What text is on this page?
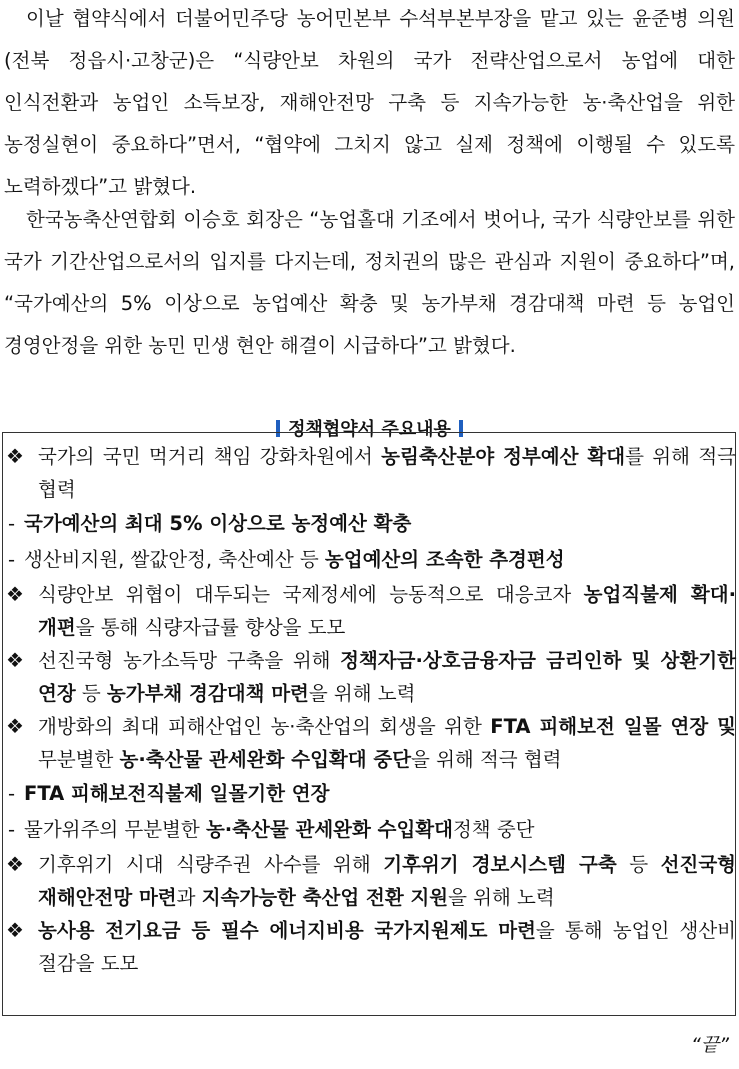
이날 협약식에서 더불어민주당 농어민본부 수석부본부장을 맡고 있는 윤준병 의원(전북 정읍시·고창군)은 “식량안보 차원의 국가 전략산업으로서 농업에 대한 인식전환과 농업인 소득보장, 재해안전망 구축 등 지속가능한 농·축산업을 위한 농정실현이 중요하다”면서, “협약에 그치지 않고 실제 정책에 이행될 수 있도록 노력하겠다”고 밝혔다.
한국농축산연합회 이승호 회장은 “농업홀대 기조에서 벗어나, 국가 식량안보를 위한 국가 기간산업으로서의 입지를 다지는데, 정치권의 많은 관심과 지원이 중요하다”며, “국가예산의 5% 이상으로 농업예산 확충 및 농가부채 경감대책 마련 등 농업인 경영안정을 위한 농민 민생 현안 해결이 시급하다”고 밝혔다.
정책협약서 주요내용
❖ 국가의 국민 먹거리 책임 강화차원에서 농림축산분야 정부예산 확대를 위해 적극 협력
- 국가예산의 최대 5% 이상으로 농정예산 확충
- 생산비지원, 쌀값안정, 축산예산 등 농업예산의 조속한 추경편성
❖ 식량안보 위협이 대두되는 국제정세에 능동적으로 대응코자 농업직불제 확대·개편을 통해 식량자급률 향상을 도모
❖ 선진국형 농가소득망 구축을 위해 정책자금·상호금융자금 금리인하 및 상환기한 연장 등 농가부채 경감대책 마련을 위해 노력
❖ 개방화의 최대 피해산업인 농·축산업의 회생을 위한 FTA 피해보전 일몰 연장 및 무분별한 농·축산물 관세완화 수입확대 중단을 위해 적극 협력
- FTA 피해보전직불제 일몰기한 연장
- 물가위주의 무분별한 농·축산물 관세완화 수입확대정책 중단
❖ 기후위기 시대 식량주권 사수를 위해 기후위기 경보시스템 구축 등 선진국형 재해안전망 마련과 지속가능한 축산업 전환 지원을 위해 노력
❖ 농사용 전기요금 등 필수 에너지비용 국가지원제도 마련을 통해 농업인 생산비 절감을 도모
“끝”
